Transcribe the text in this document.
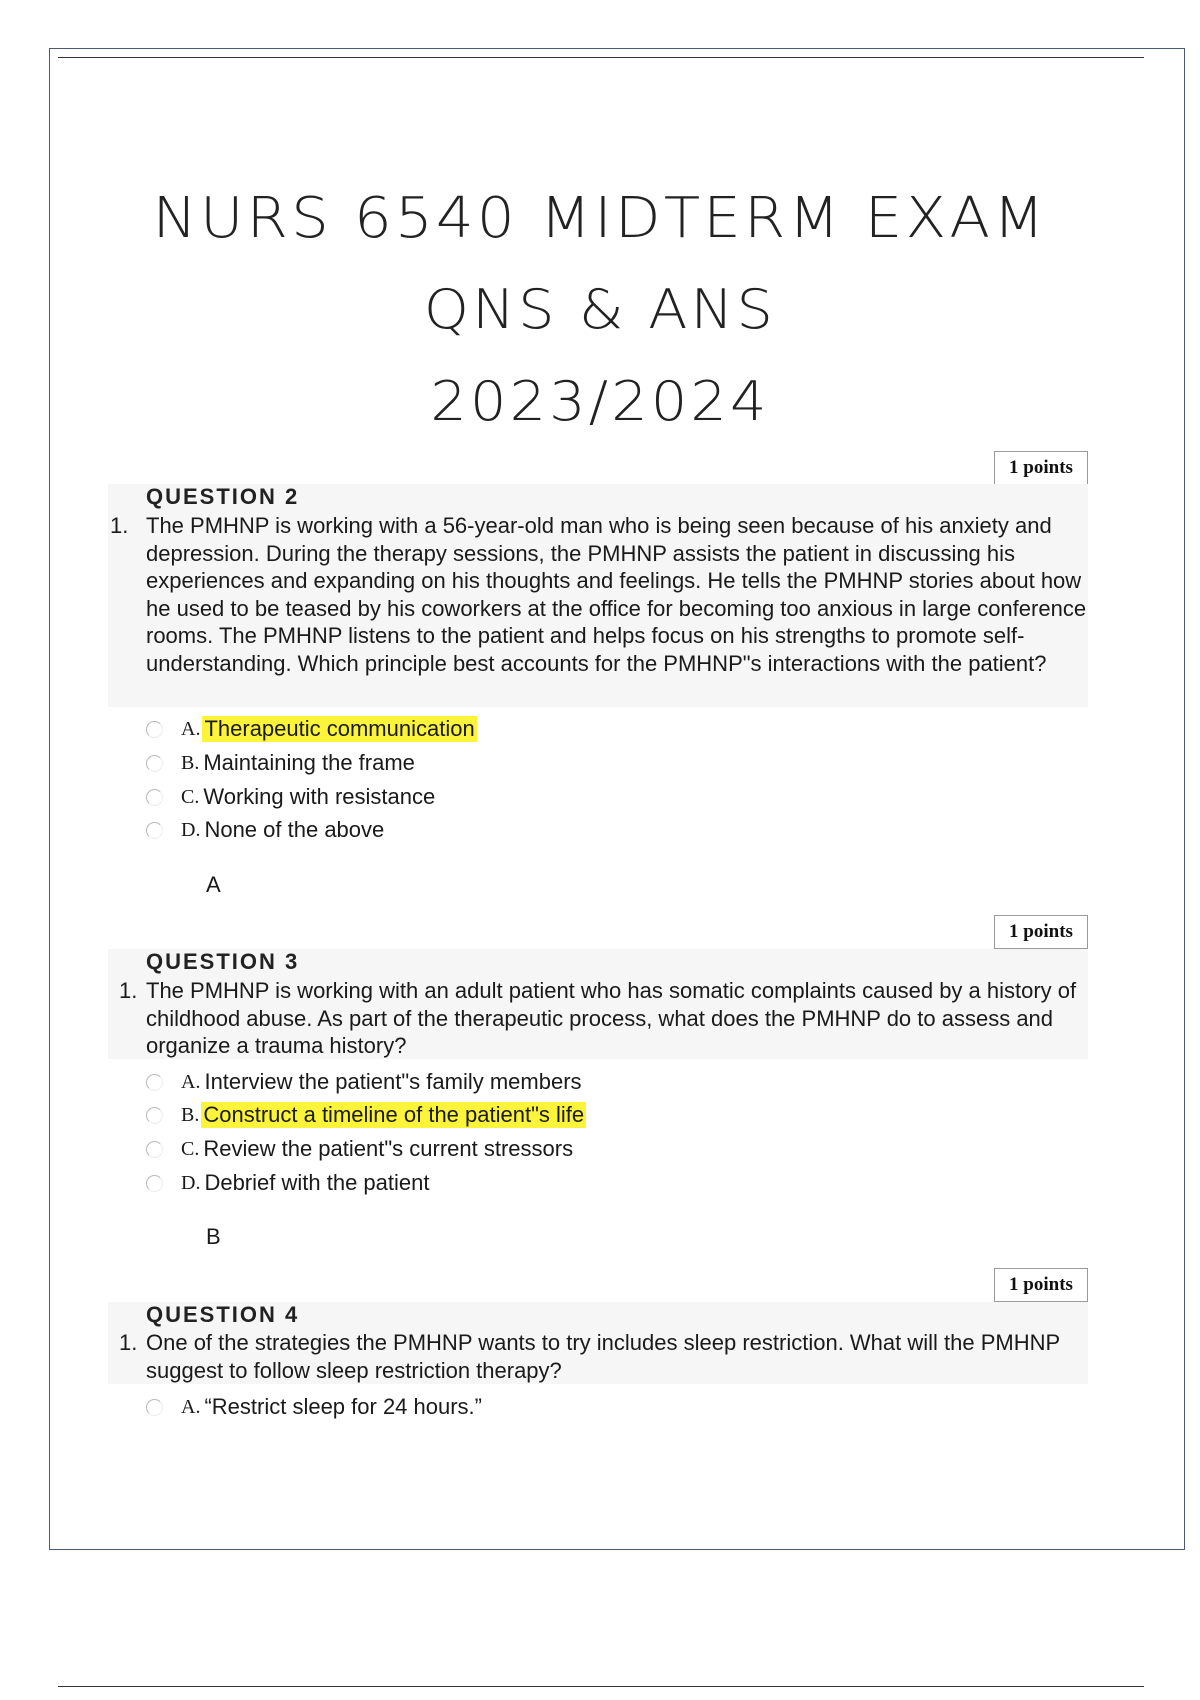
NURS 6540 MIDTERM EXAM
QNS & ANS
2023/2024
1 points
QUESTION 2
1. The PMHNP is working with a 56-year-old man who is being seen because of his anxiety and depression. During the therapy sessions, the PMHNP assists the patient in discussing his experiences and expanding on his thoughts and feelings. He tells the PMHNP stories about how he used to be teased by his coworkers at the office for becoming too anxious in large conference rooms. The PMHNP listens to the patient and helps focus on his strengths to promote self-understanding. Which principle best accounts for the PMHNP"s interactions with the patient?
A. Therapeutic communication
B. Maintaining the frame
C. Working with resistance
D. None of the above
A
1 points
QUESTION 3
1. The PMHNP is working with an adult patient who has somatic complaints caused by a history of childhood abuse. As part of the therapeutic process, what does the PMHNP do to assess and organize a trauma history?
A. Interview the patient"s family members
B. Construct a timeline of the patient"s life
C. Review the patient"s current stressors
D. Debrief with the patient
B
1 points
QUESTION 4
1. One of the strategies the PMHNP wants to try includes sleep restriction. What will the PMHNP suggest to follow sleep restriction therapy?
A. “Restrict sleep for 24 hours.”
